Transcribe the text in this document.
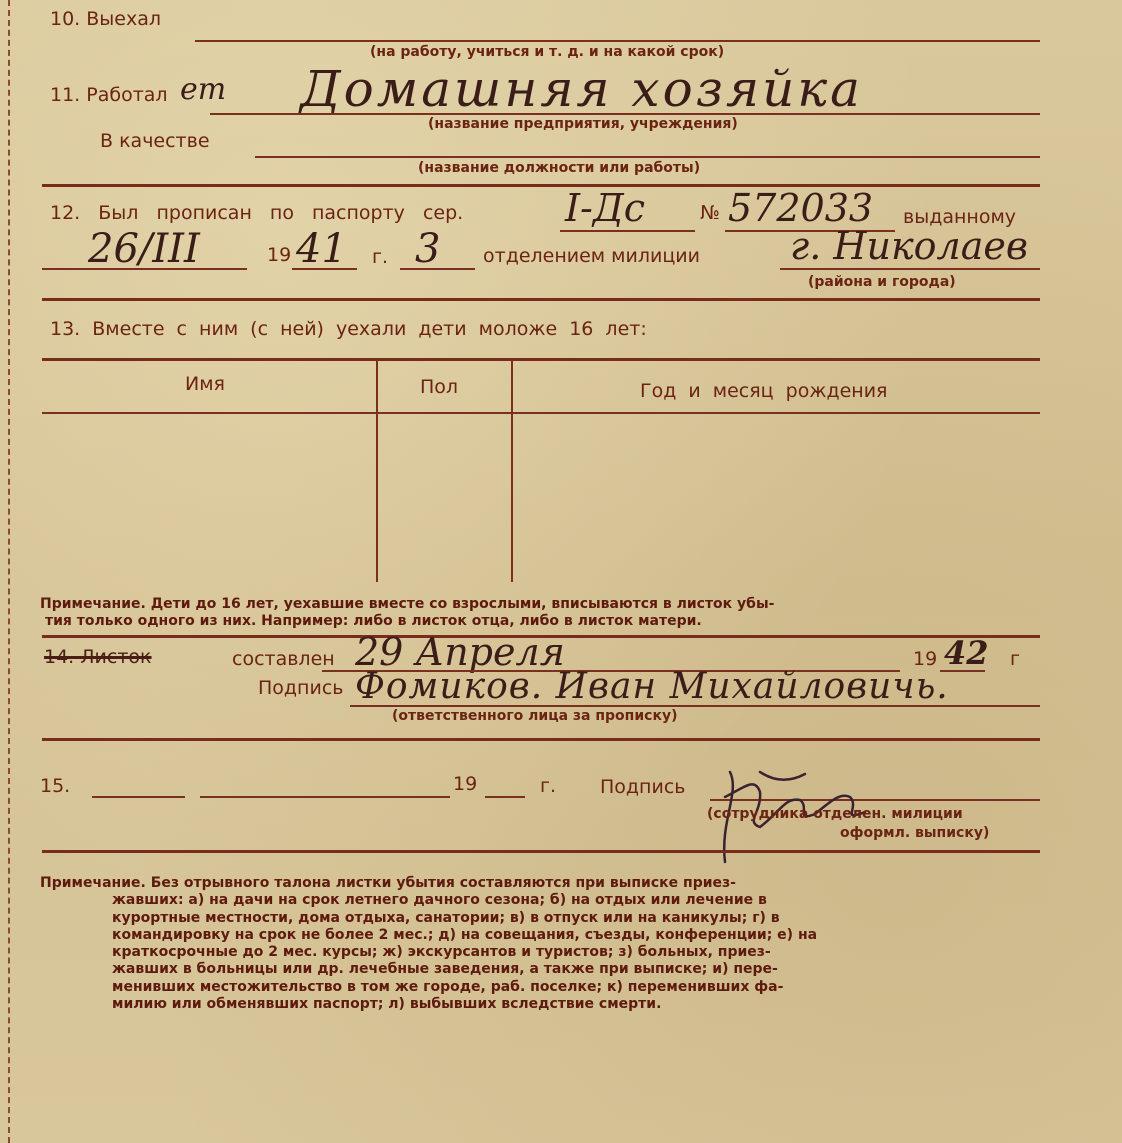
10. Выехал
(на работу, учиться и т. д. и на какой срок)
11. Работал ет Домашняя хозяйка
(название предприятия, учреждения)
В качестве
(название должности или работы)
12. Был прописан по паспорту сер.	I-Дс	№ 572033 выданному
26/III	19 41 г. 3 отделением милиции г. Николаев
(района и города)
13. Вместе с ним (с ней) уехали дети моложе 16 лет:
Имя	Пол	Год и месяц рождения
Примечание. Дети до 16 лет, уехавшие вместе со взрослыми, вписываются в листок убы-
тия только одного из них. Например: либо в листок отца, либо в листок матери.
14. Листок	составлен 29 Апреля	19 42 г
Подпись Фомиков. Иван Михайловичь.
(ответственного лица за прописку)
15.	19	г. Подпись
(сотрудника отделен. милиции
оформл. выписку)
Примечание. Без отрывного талона листки убытия составляются при выписке приез-
жавших: а) на дачи на срок летнего дачного сезона; б) на отдых или лечение в
курортные местности, дома отдыха, санатории; в) в отпуск или на каникулы; г) в
командировку на срок не более 2 мес.; д) на совещания, съезды, конференции; е) на
краткосрочные до 2 мес. курсы; ж) экскурсантов и туристов; з) больных, приез-
жавших в больницы или др. лечебные заведения, а также при выписке; и) пере-
менивших местожительство в том же городе, раб. поселке; к) переменивших фа-
милию или обменявших паспорт; л) выбывших вследствие смерти.
